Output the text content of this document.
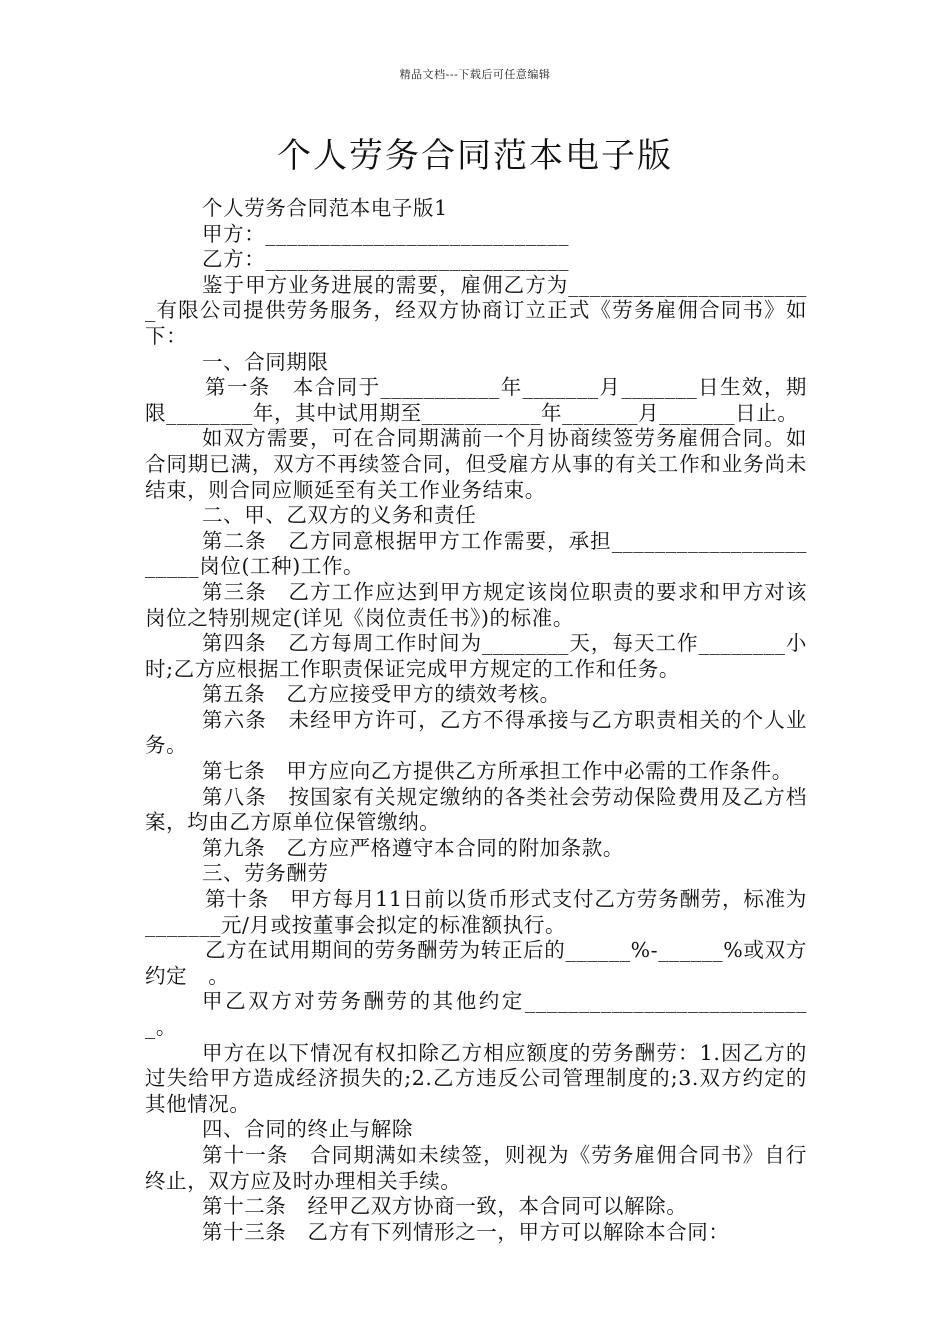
精品文档---下载后可任意编辑
个人劳务合同范本电子版

个人劳务合同范本电子版1

甲方：____________________________

乙方：____________________________

鉴于甲方业务进展的需要，雇佣乙方为_______________________有限公司提供劳务服务，经双方协商订立正式《劳务雇佣合同书》如下：

一、合同期限

第一条　本合同于___________年_______月_______日生效，期限________年，其中试用期至___________年_______月_______日止。

如双方需要，可在合同期满前一个月协商续签劳务雇佣合同。如合同期已满，双方不再续签合同，但受雇方从事的有关工作和业务尚未结束，则合同应顺延至有关工作业务结束。

二、甲、乙双方的义务和责任

第二条　乙方同意根据甲方工作需要，承担_______________________岗位(工种)工作。

第三条　乙方工作应达到甲方规定该岗位职责的要求和甲方对该岗位之特别规定(详见《岗位责任书》)的标准。

第四条　乙方每周工作时间为________天，每天工作________小时;乙方应根据工作职责保证完成甲方规定的工作和任务。

第五条　乙方应接受甲方的绩效考核。

第六条　未经甲方许可，乙方不得承接与乙方职责相关的个人业务。

第七条　甲方应向乙方提供乙方所承担工作中必需的工作条件。

第八条　按国家有关规定缴纳的各类社会劳动保险费用及乙方档案，均由乙方原单位保管缴纳。

第九条　乙方应严格遵守本合同的附加条款。

三、劳务酬劳

第十条　甲方每月11日前以货币形式支付乙方劳务酬劳，标准为_______元/月或按董事会拟定的标准额执行。

乙方在试用期间的劳务酬劳为转正后的______%-______%或双方约定　。

甲乙双方对劳务酬劳的其他约定___________________________。

甲方在以下情况有权扣除乙方相应额度的劳务酬劳：1.因乙方的过失给甲方造成经济损失的;2.乙方违反公司管理制度的;3.双方约定的其他情况。

四、合同的终止与解除

第十一条　合同期满如未续签，则视为《劳务雇佣合同书》自行终止，双方应及时办理相关手续。

第十二条　经甲乙双方协商一致，本合同可以解除。

第十三条　乙方有下列情形之一，甲方可以解除本合同：
